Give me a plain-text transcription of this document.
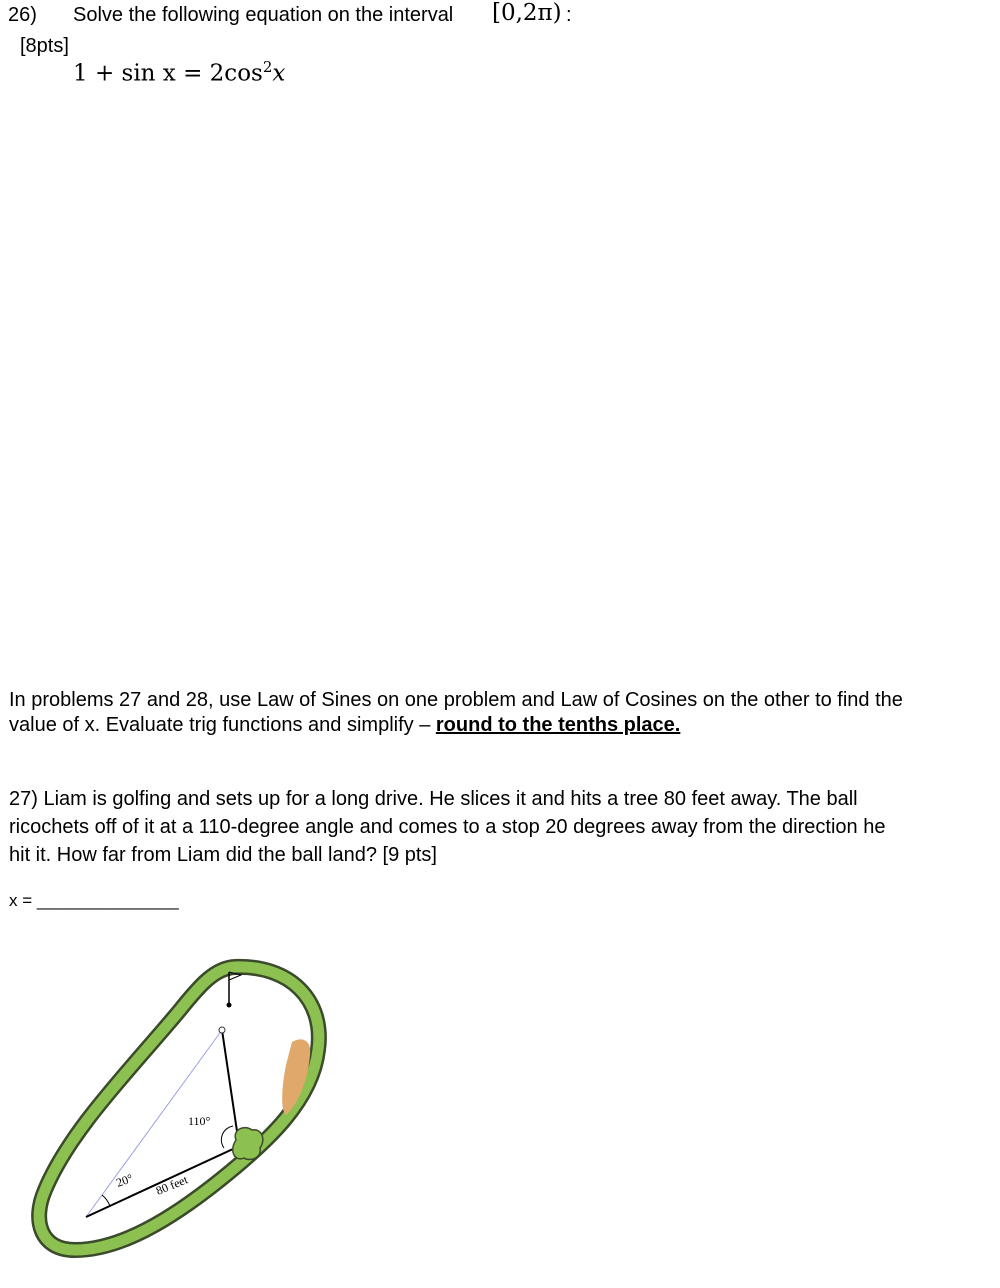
26) Solve the following equation on the interval [0,2π) :
[8pts]
$1 + \sin x = 2\cos^2x$
In problems 27 and 28, use Law of Sines on one problem and Law of Cosines on the other to find the
value of x. Evaluate trig functions and simplify – round to the tenths place.
27) Liam is golfing and sets up for a long drive. He slices it and hits a tree 80 feet away. The ball
ricochets off of it at a 110-degree angle and comes to a stop 20 degrees away from the direction he
hit it. How far from Liam did the ball land? [9 pts]
x = _______________
20°
110°
80 feet
